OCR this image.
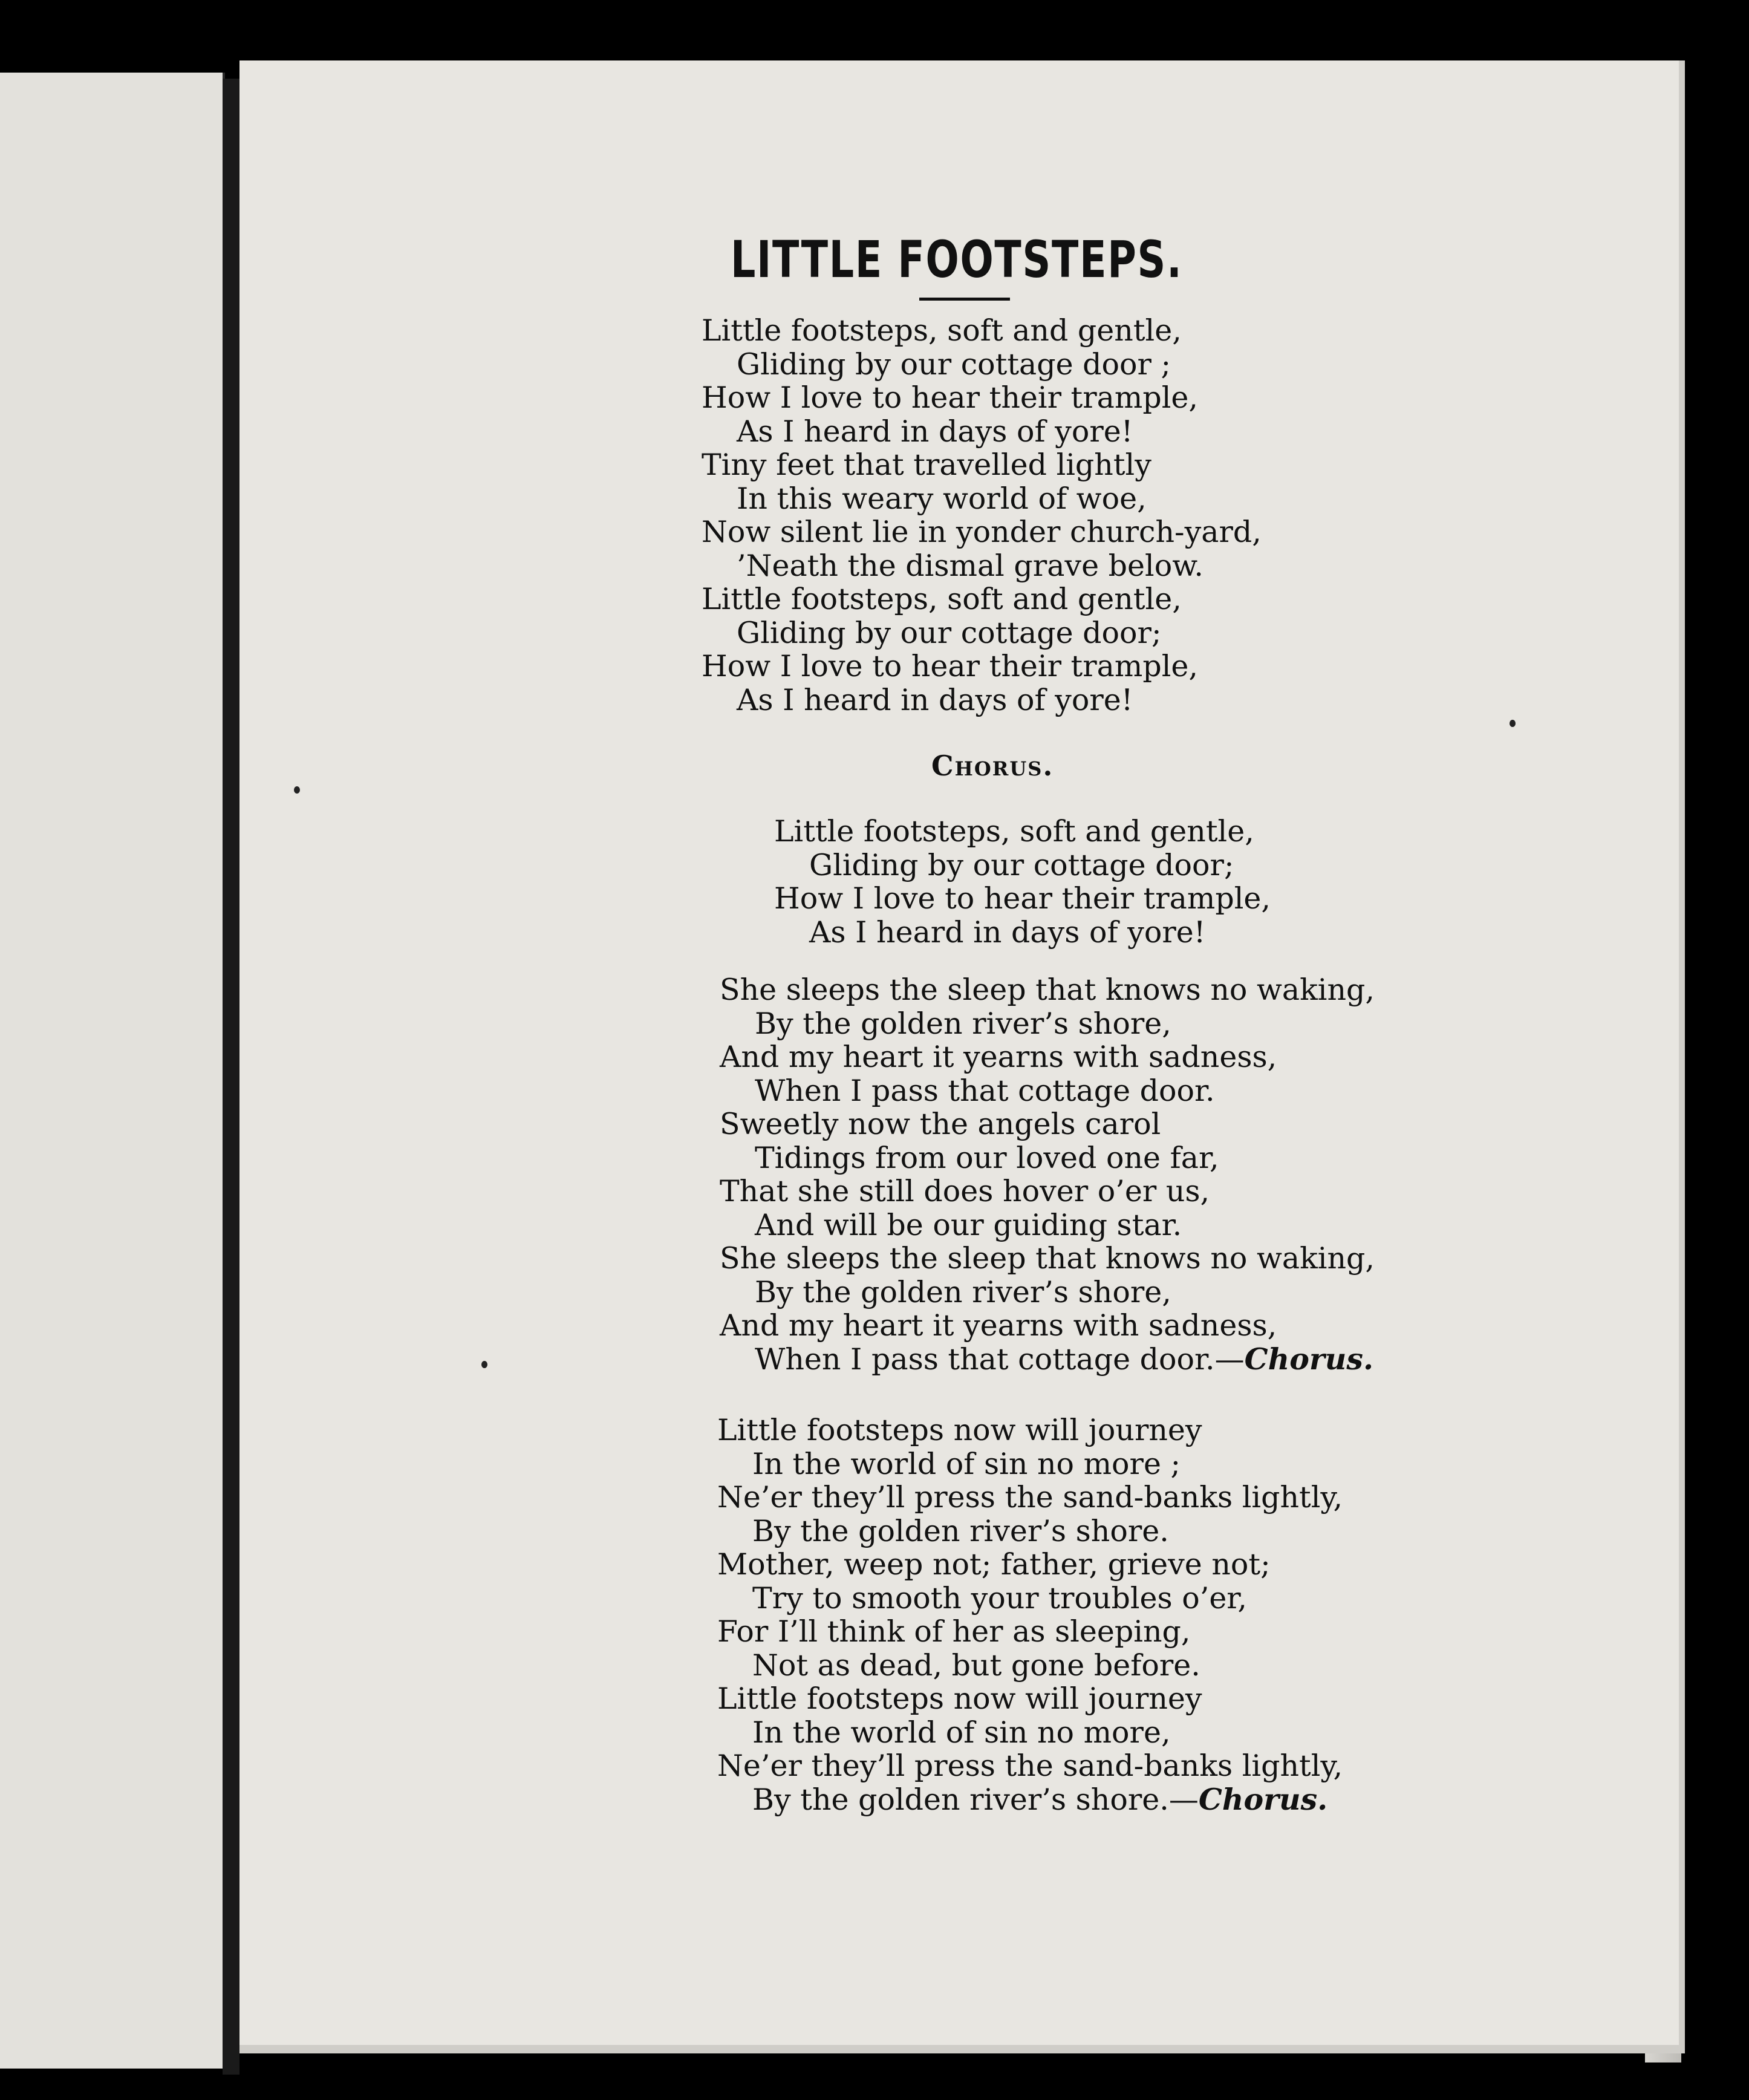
LITTLE FOOTSTEPS.
Little footsteps, soft and gentle,
Gliding by our cottage door ;
How I love to hear their trample,
As I heard in days of yore!
Tiny feet that travelled lightly
In this weary world of woe,
Now silent lie in yonder church-yard,
’Neath the dismal grave below.
Little footsteps, soft and gentle,
Gliding by our cottage door;
How I love to hear their trample,
As I heard in days of yore!
Chorus.
Little footsteps, soft and gentle,
Gliding by our cottage door;
How I love to hear their trample,
As I heard in days of yore!
She sleeps the sleep that knows no waking,
By the golden river’s shore,
And my heart it yearns with sadness,
When I pass that cottage door.
Sweetly now the angels carol
Tidings from our loved one far,
That she still does hover o’er us,
And will be our guiding star.
She sleeps the sleep that knows no waking,
By the golden river’s shore,
And my heart it yearns with sadness,
When I pass that cottage door.—Chorus.
Little footsteps now will journey
In the world of sin no more ;
Ne’er they’ll press the sand-banks lightly,
By the golden river’s shore.
Mother, weep not; father, grieve not;
Try to smooth your troubles o’er,
For I’ll think of her as sleeping,
Not as dead, but gone before.
Little footsteps now will journey
In the world of sin no more,
Ne’er they’ll press the sand-banks lightly,
By the golden river’s shore.—Chorus.
